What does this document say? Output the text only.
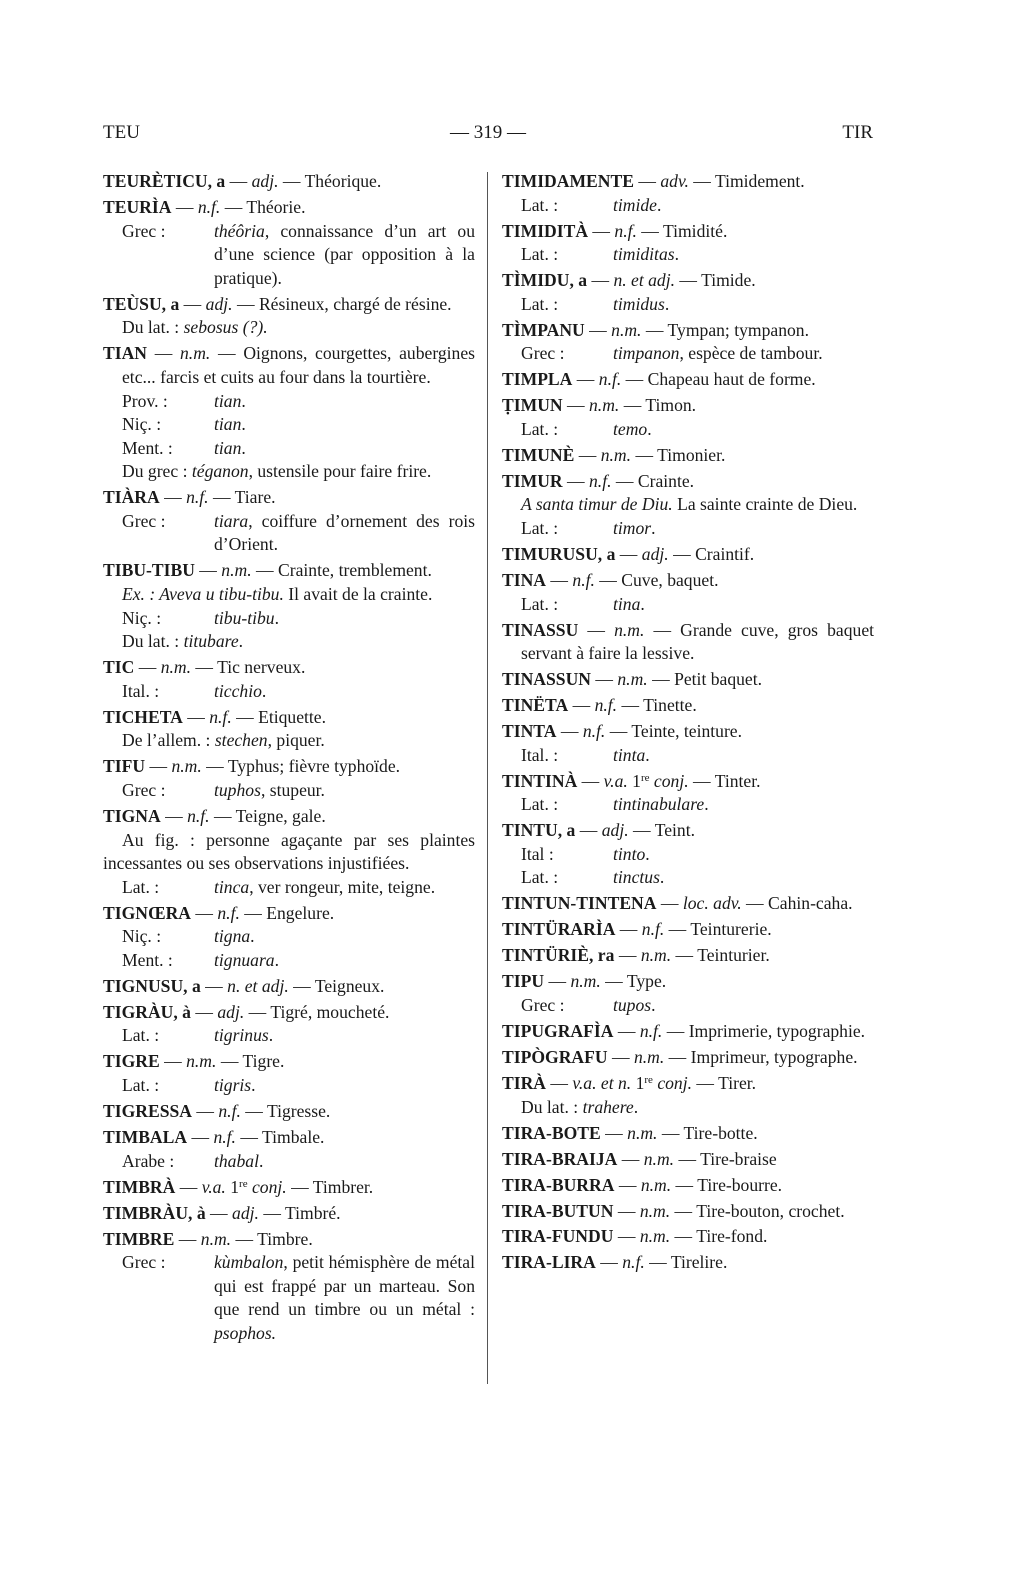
TEU	— 319 —	TIR
TEURÈTICU, a — adj. — Théorique.
TEURÌA — n.f. — Théorie.
Grec :	théôria, connaissance d’un art ou d’une science (par opposition à la pratique).
TEÙSU, a — adj. — Résineux, chargé de résine.
Du lat. : sebosus (?).
TIAN — n.m. — Oignons, courgettes, aubergines etc... farcis et cuits au four dans la tourtière.
Prov. :	tian.
Niç. :	tian.
Ment. :	tian.
Du grec : téganon, ustensile pour faire frire.
TIÀRA — n.f. — Tiare.
Grec :	tiara, coiffure d’ornement des rois d’Orient.
TIBU-TIBU — n.m. — Crainte, tremblement.
Ex. : Aveva u tibu-tibu. Il avait de la crainte.
Niç. :	tibu-tibu.
Du lat. : titubare.
TIC — n.m. — Tic nerveux.
Ital. :	ticchio.
TICHETA — n.f. — Etiquette.
De l’allem. : stechen, piquer.
TIFU — n.m. — Typhus; fièvre typhoïde.
Grec :	tuphos, stupeur.
TIGNA — n.f. — Teigne, gale.
Au fig. : personne agaçante par ses plaintes incessantes ou ses observations injustifiées.
Lat. :	tinca, ver rongeur, mite, teigne.
TIGNŒRA — n.f. — Engelure.
Niç. :	tigna.
Ment. :	tignuara.
TIGNUSU, a — n. et adj. — Teigneux.
TIGRÀU, à — adj. — Tigré, moucheté.
Lat. :	tigrinus.
TIGRE — n.m. — Tigre.
Lat. :	tigris.
TIGRESSA — n.f. — Tigresse.
TIMBALA — n.f. — Timbale.
Arabe :	thabal.
TIMBRÀ — v.a. 1re conj. — Timbrer.
TIMBRÀU, à — adj. — Timbré.
TIMBRE — n.m. — Timbre.
Grec :	kùmbalon, petit hémisphère de métal qui est frappé par un marteau. Son que rend un timbre ou un métal : psophos.
TIMIDAMENTE — adv. — Timidement.
Lat. :	timide.
TIMIDITÀ — n.f. — Timidité.
Lat. :	timiditas.
TÌMIDU, a — n. et adj. — Timide.
Lat. :	timidus.
TÌMPANU — n.m. — Tympan; tympanon.
Grec :	timpanon, espèce de tambour.
TIMPLA — n.f. — Chapeau haut de forme.
ṬIMUN — n.m. — Timon.
Lat. :	temo.
TIMUNÈ — n.m. — Timonier.
TIMUR — n.f. — Crainte.
A santa timur de Diu. La sainte crainte de Dieu.
Lat. :	timor.
TIMURUSU, a — adj. — Craintif.
TINA — n.f. — Cuve, baquet.
Lat. :	tina.
TINASSU — n.m. — Grande cuve, gros baquet servant à faire la lessive.
TINASSUN — n.m. — Petit baquet.
TINËTA — n.f. — Tinette.
TINTA — n.f. — Teinte, teinture.
Ital. :	tinta.
TINTINÀ — v.a. 1re conj. — Tinter.
Lat. :	tintinabulare.
TINTU, a — adj. — Teint.
Ital :	tinto.
Lat. :	tinctus.
TINTUN-TINTENA — loc. adv. — Cahin-caha.
TINTÜRARÌA — n.f. — Teinturerie.
TINTÜRIÈ, ra — n.m. — Teinturier.
TIPU — n.m. — Type.
Grec :	tupos.
TIPUGRAFÌA — n.f. — Imprimerie, typographie.
TIPÒGRAFU — n.m. — Imprimeur, typographe.
TIRÀ — v.a. et n. 1re conj. — Tirer.
Du lat. : trahere.
TIRA-BOTE — n.m. — Tire-botte.
TIRA-BRAIJA — n.m. — Tire-braise
TIRA-BURRA — n.m. — Tire-bourre.
TIRA-BUTUN — n.m. — Tire-bouton, crochet.
TIRA-FUNDU — n.m. — Tire-fond.
TIRA-LIRA — n.f. — Tirelire.
